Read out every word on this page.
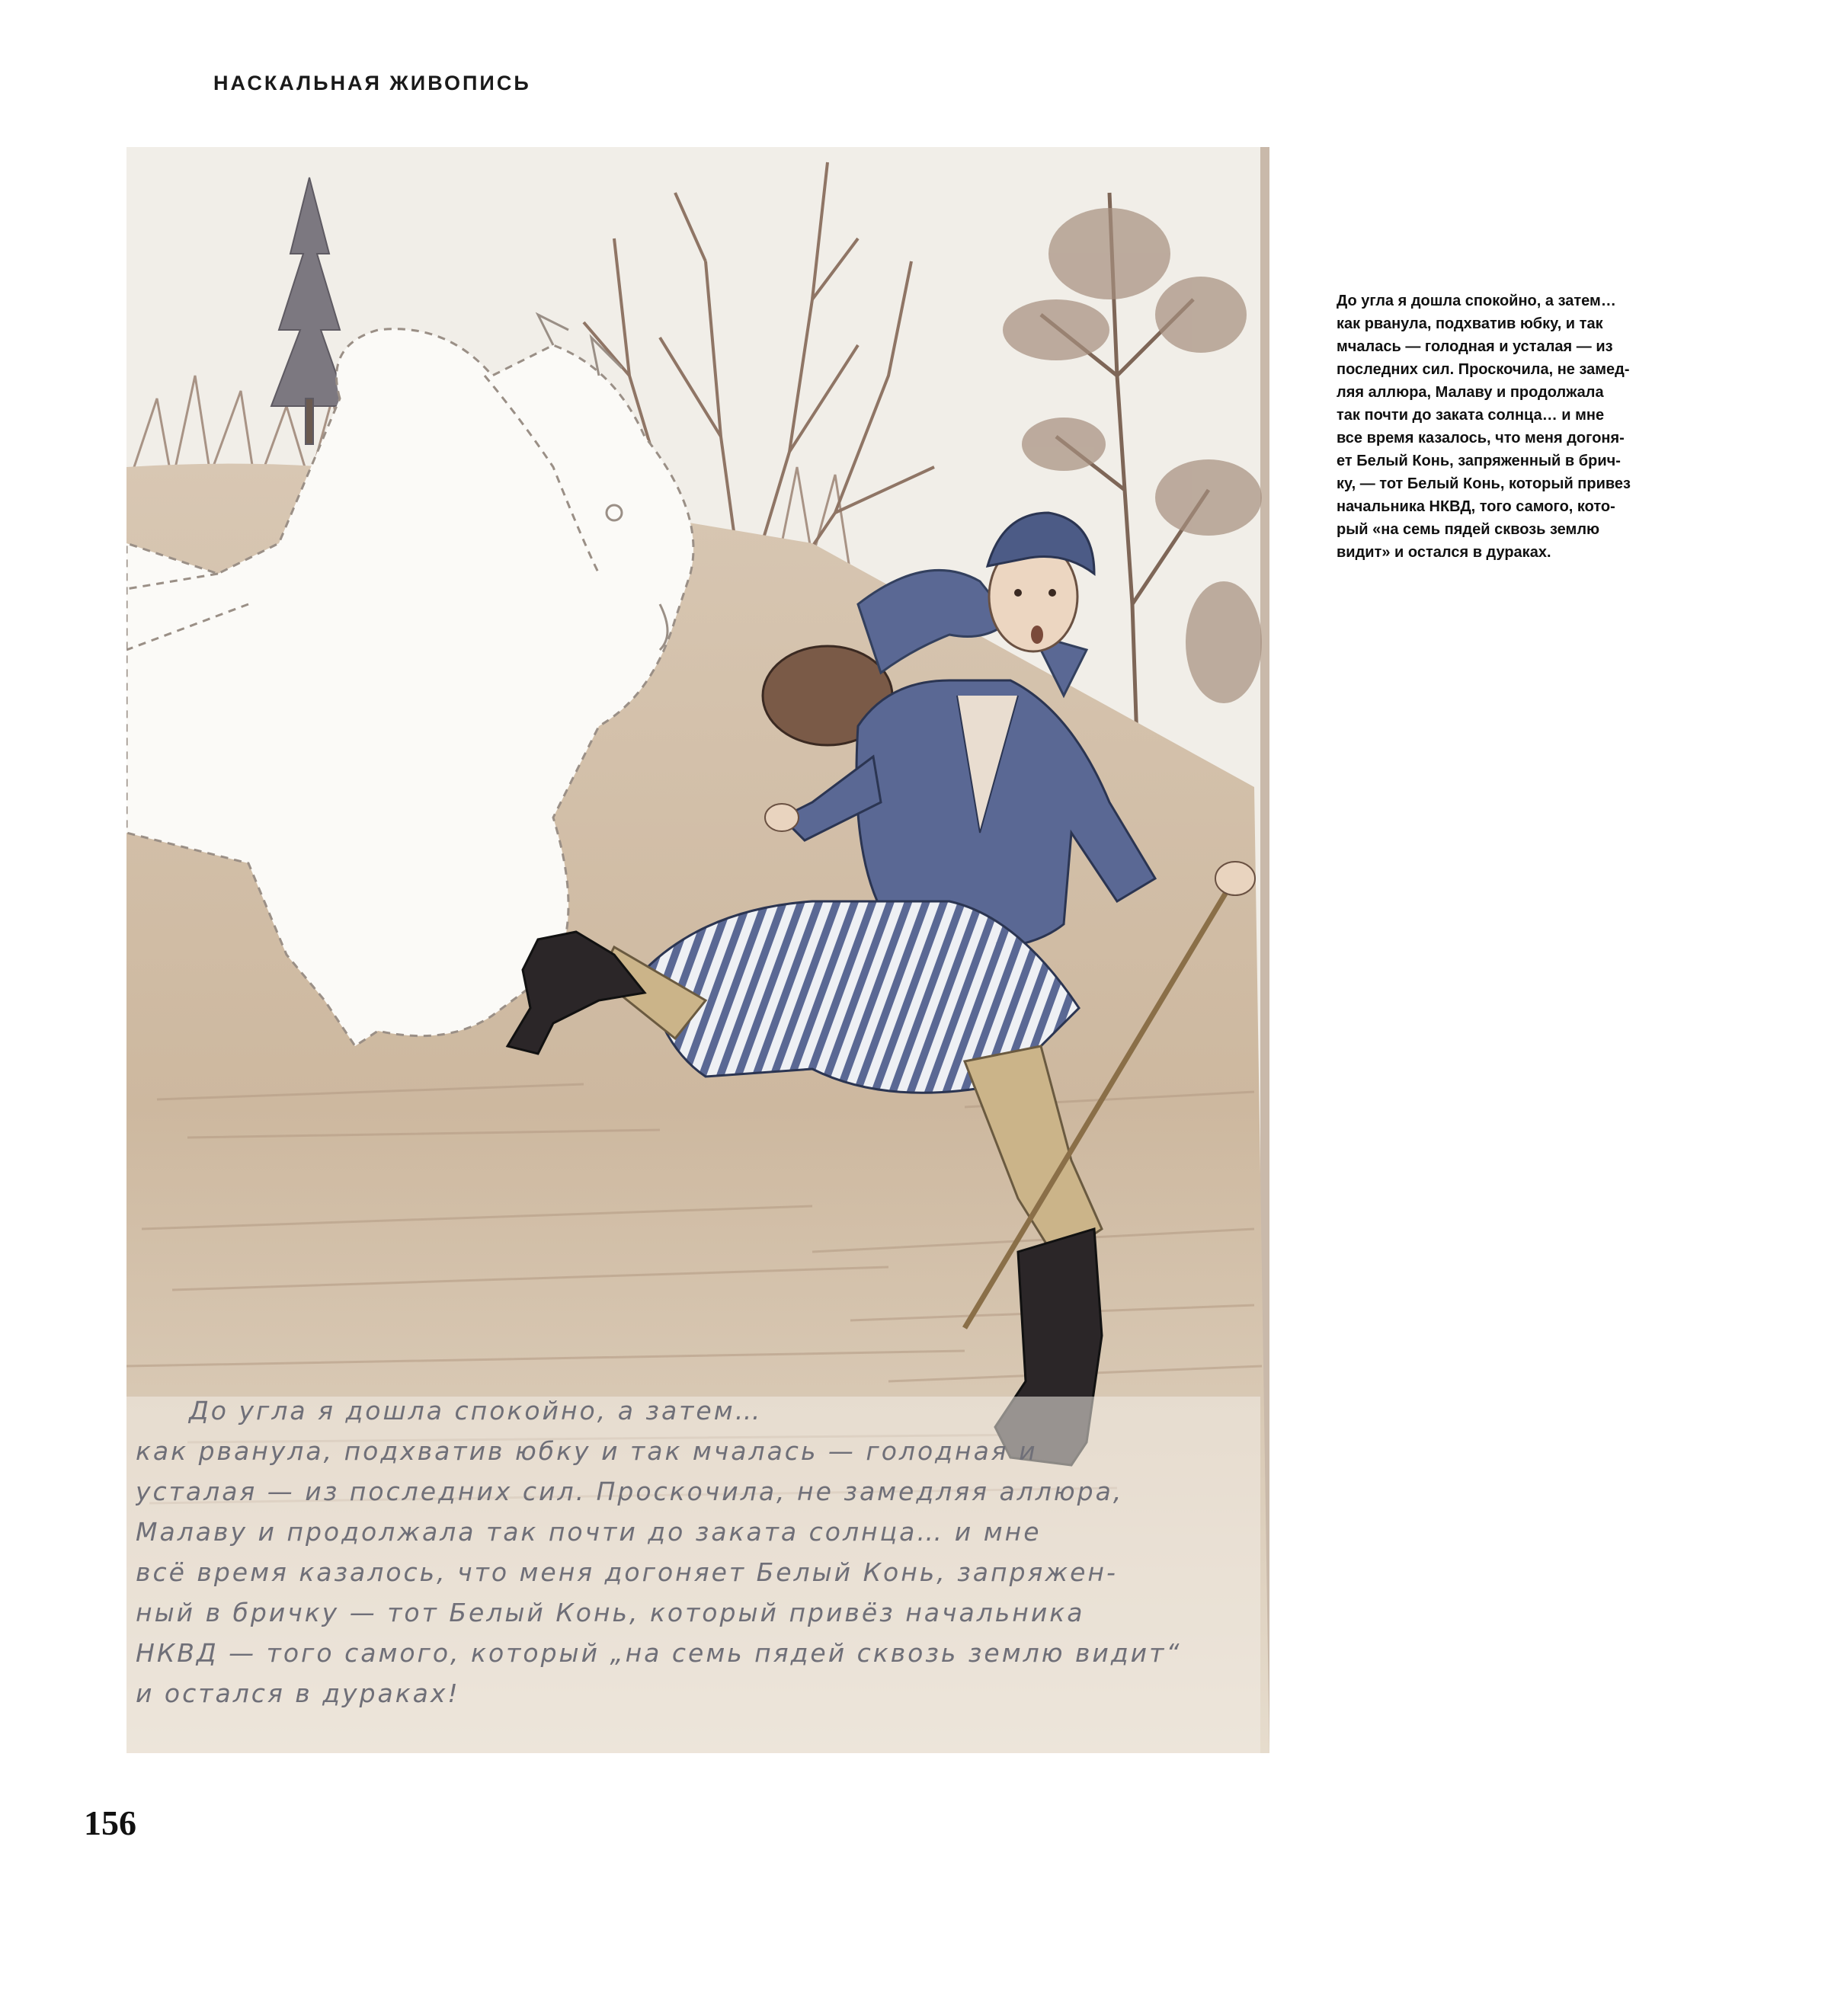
НАСКАЛЬНАЯ ЖИВОПИСЬ
До угла я дошла спокойно, а затем…
как рванула, подхватив юбку и так мчалась — голодная и
усталая — из последних сил. Проскочила, не замедляя аллюра,
Малаву и продолжала так почти до заката солнца… и мне
всё время казалось, что меня догоняет Белый Конь, запряжен-
ный в бричку — тот Белый Конь, который привёз начальника
НКВД — того самого, который „на семь пядей сквозь землю видит“
и остался в дураках!
До угла я дошла спокойно, а затем…
как рванула, подхватив юбку, и так
мчалась — голодная и усталая — из
последних сил. Проскочила, не замед-
ляя аллюра, Малаву и продолжала
так почти до заката солнца… и мне
все время казалось, что меня догоня-
ет Белый Конь, запряженный в брич-
ку, — тот Белый Конь, который привез
начальника НКВД, того самого, кото-
рый «на семь пядей сквозь землю
видит» и остался в дураках.
156
